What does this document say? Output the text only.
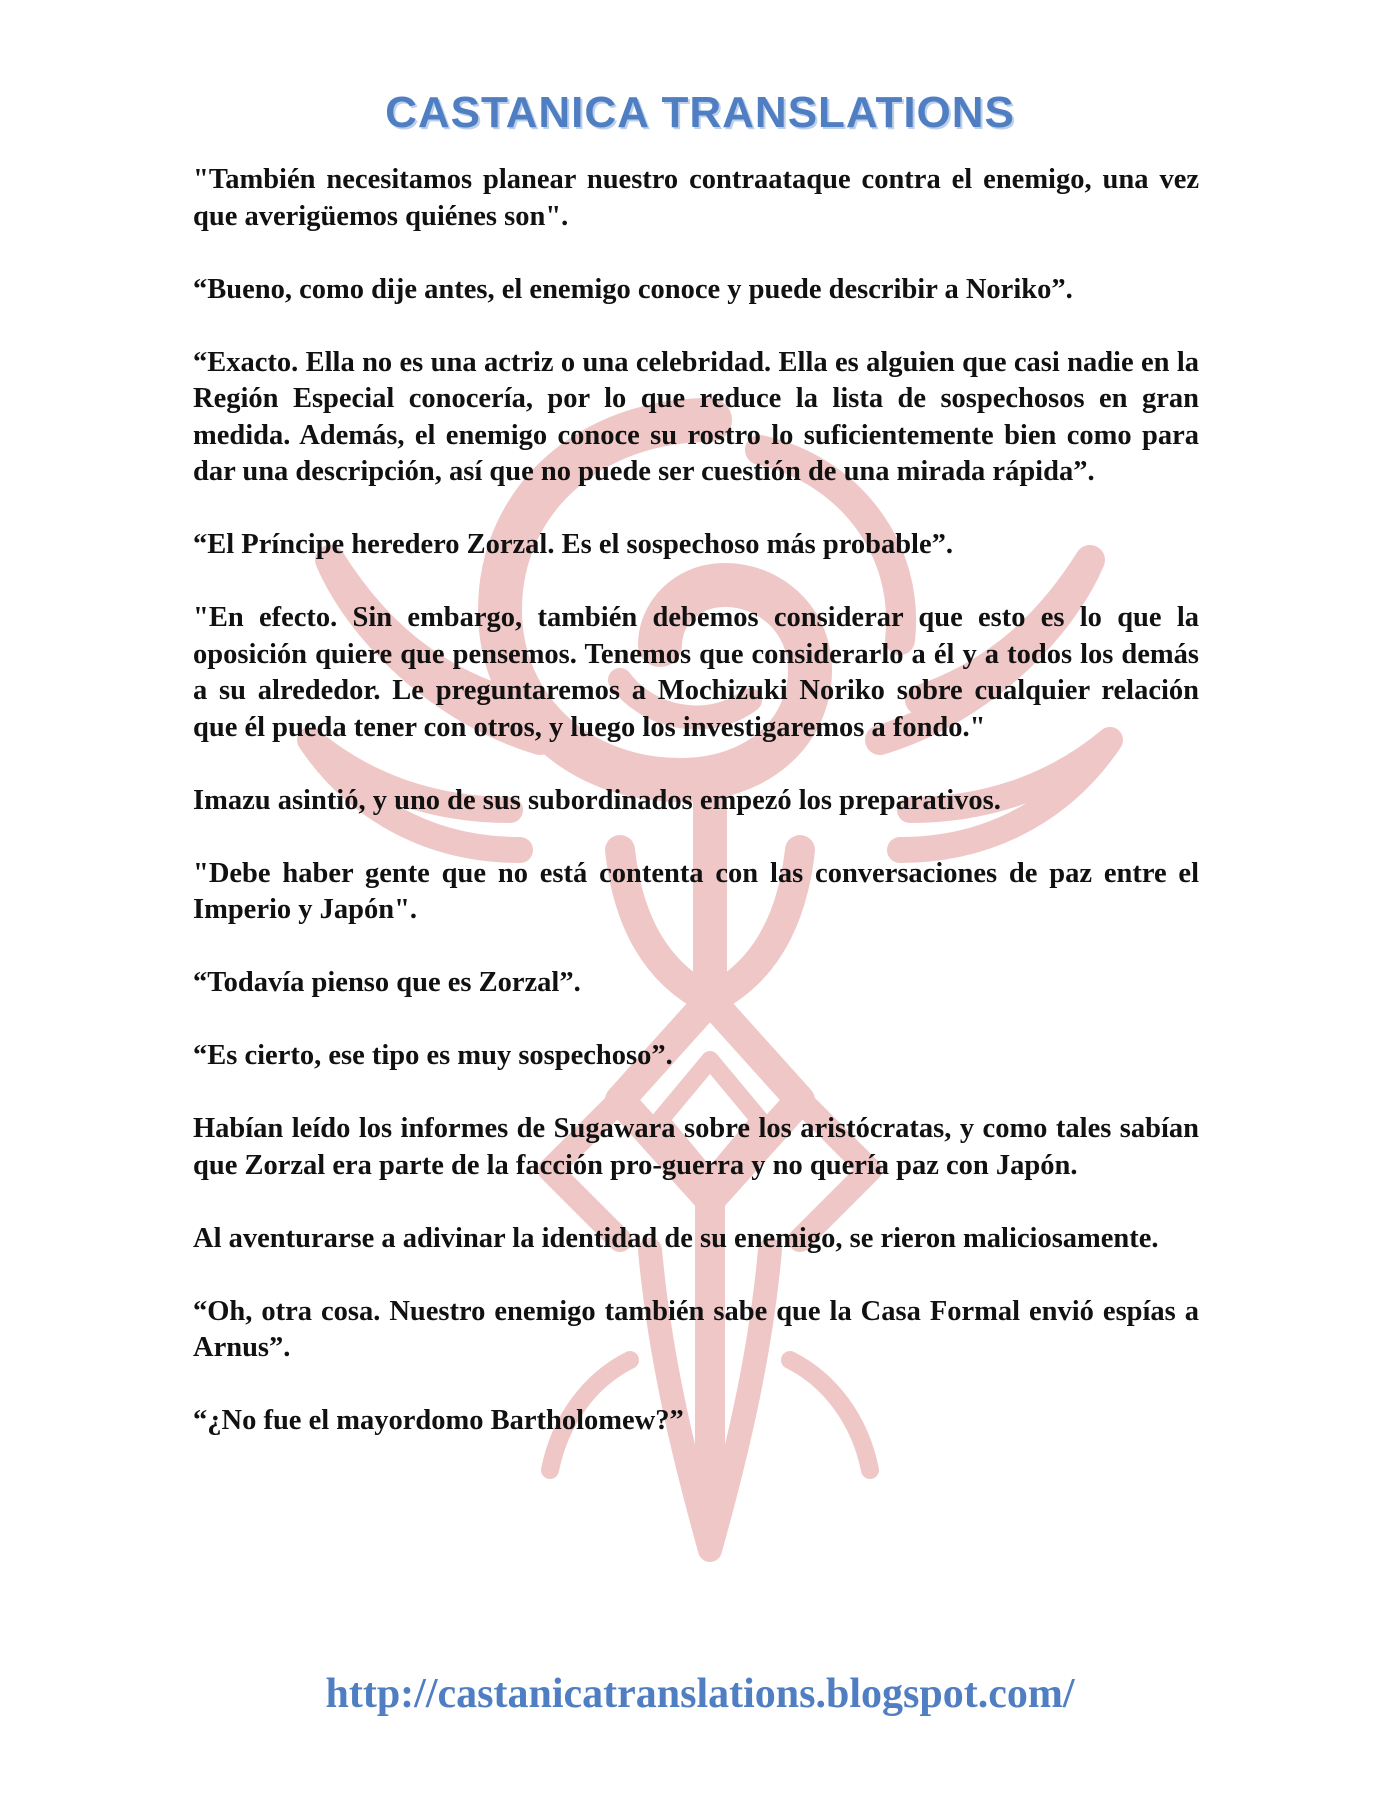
CASTANICA TRANSLATIONS

"También necesitamos planear nuestro contraataque contra el enemigo, una vez que averigüemos quiénes son".

“Bueno, como dije antes, el enemigo conoce y puede describir a Noriko”.

“Exacto. Ella no es una actriz o una celebridad. Ella es alguien que casi nadie en la Región Especial conocería, por lo que reduce la lista de sospechosos en gran medida. Además, el enemigo conoce su rostro lo suficientemente bien como para dar una descripción, así que no puede ser cuestión de una mirada rápida”.

“El Príncipe heredero Zorzal. Es el sospechoso más probable”.

"En efecto. Sin embargo, también debemos considerar que esto es lo que la oposición quiere que pensemos. Tenemos que considerarlo a él y a todos los demás a su alrededor. Le preguntaremos a Mochizuki Noriko sobre cualquier relación que él pueda tener con otros, y luego los investigaremos a fondo."

Imazu asintió, y uno de sus subordinados empezó los preparativos.

"Debe haber gente que no está contenta con las conversaciones de paz entre el Imperio y Japón".

“Todavía pienso que es Zorzal”.

“Es cierto, ese tipo es muy sospechoso”.

Habían leído los informes de Sugawara sobre los aristócratas, y como tales sabían que Zorzal era parte de la facción pro-guerra y no quería paz con Japón.

Al aventurarse a adivinar la identidad de su enemigo, se rieron maliciosamente.

“Oh, otra cosa. Nuestro enemigo también sabe que la Casa Formal envió espías a Arnus”.

“¿No fue el mayordomo Bartholomew?”

http://castanicatranslations.blogspot.com/
